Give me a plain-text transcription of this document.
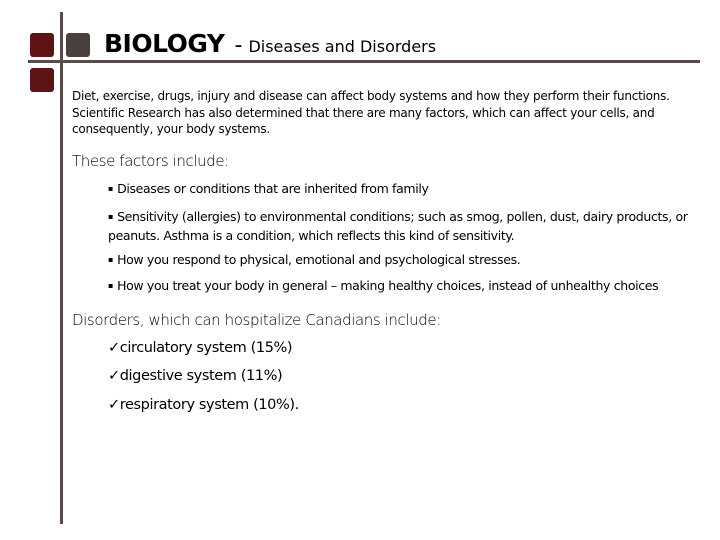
BIOLOGY - Diseases and Disorders
Diet, exercise, drugs, injury and disease can affect body systems and how they perform their functions. Scientific Research has also determined that there are many factors, which can affect your cells, and consequently, your body systems.
These factors include:
▪ Diseases or conditions that are inherited from family
▪ Sensitivity (allergies) to environmental conditions; such as smog, pollen, dust, dairy products, or peanuts. Asthma is a condition, which reflects this kind of sensitivity.
▪ How you respond to physical, emotional and psychological stresses.
▪ How you treat your body in general – making healthy choices, instead of unhealthy choices
Disorders, which can hospitalize Canadians include:
✓circulatory system (15%)
✓digestive system (11%)
✓respiratory system (10%).
